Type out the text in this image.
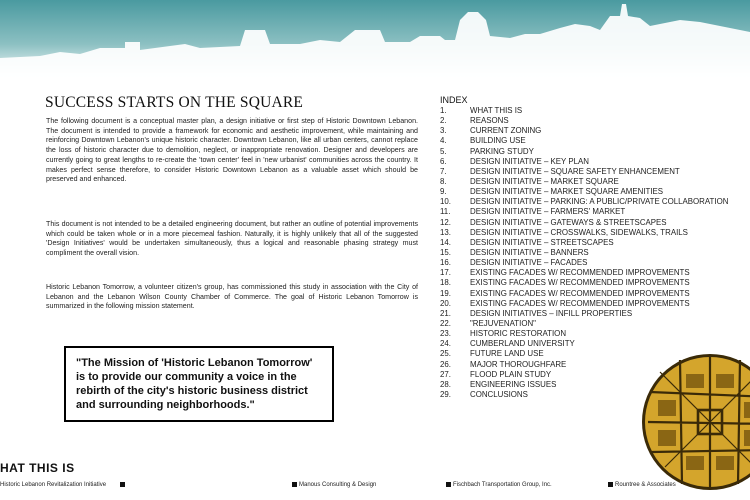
SUCCESS STARTS ON THE SQUARE

The following document is a conceptual master plan, a design initiative or first step of Historic Downtown Lebanon. The document is intended to provide a framework for economic and aesthetic improvement, while maintaining and reinforcing Downtown Lebanon's unique historic character. Downtown Lebanon, like all urban centers, cannot replace the loss of historic character due to demolition, neglect, or inappropriate renovation. Designer and developers are currently going to great lengths to re-create the 'town center' feel in 'new urbanist' communities across the country. It makes perfect sense therefore, to consider Historic Downtown Lebanon as a valuable asset which should be preserved and enhanced.

This document is not intended to be a detailed engineering document, but rather an outline of potential improvements which could be taken whole or in a more piecemeal fashion. Naturally, it is highly unlikely that all of the suggested 'Design Initiatives' would be undertaken simultaneously, thus a logical and reasonable phasing strategy must compliment the overall vision.

Historic Lebanon Tomorrow, a volunteer citizen's group, has commissioned this study in association with the City of Lebanon and the Lebanon Wilson County Chamber of Commerce. The goal of Historic Lebanon Tomorrow is summarized in the following mission statement.

"The Mission of 'Historic Lebanon Tomorrow' is to provide our community a voice in the rebirth of the city's historic business district and surrounding neighborhoods."

INDEX
1.	WHAT THIS IS
2.	REASONS
3.	CURRENT ZONING
4.	BUILDING USE
5.	PARKING STUDY
6.	DESIGN INITIATIVE – KEY PLAN
7.	DESIGN INITIATIVE – SQUARE SAFETY ENHANCEMENT
8.	DESIGN INITIATIVE – MARKET SQUARE
9.	DESIGN INITIATIVE – MARKET SQUARE AMENITIES
10. DESIGN INITIATIVE – PARKING: A PUBLIC/PRIVATE COLLABORATION
11. DESIGN INITIATIVE – FARMERS' MARKET
12. DESIGN INITIATIVE – GATEWAYS & STREETSCAPES
13. DESIGN INITIATIVE – CROSSWALKS, SIDEWALKS, TRAILS
14. DESIGN INITIATIVE – STREETSCAPES
15. DESIGN INITIATIVE – BANNERS
16. DESIGN INITIATIVE – FACADES
17. EXISTING FACADES W/ RECOMMENDED IMPROVEMENTS
18. EXISTING FACADES W/ RECOMMENDED IMPROVEMENTS
19. EXISTING FACADES W/ RECOMMENDED IMPROVEMENTS
20. EXISTING FACADES W/ RECOMMENDED IMPROVEMENTS
21. DESIGN INITIATIVES – INFILL PROPERTIES
22. "REJUVENATION"
23. HISTORIC RESTORATION
24. CUMBERLAND UNIVERSITY
25. FUTURE LAND USE
26. MAJOR THOROUGHFARE
27. FLOOD PLAIN STUDY
28. ENGINEERING ISSUES
29. CONCLUSIONS
HAT THIS IS
Historic Lebanon Revitalization Initiative	Manous Consulting & Design	Fischbach Transportation Group, Inc.	Rountree & Associates
